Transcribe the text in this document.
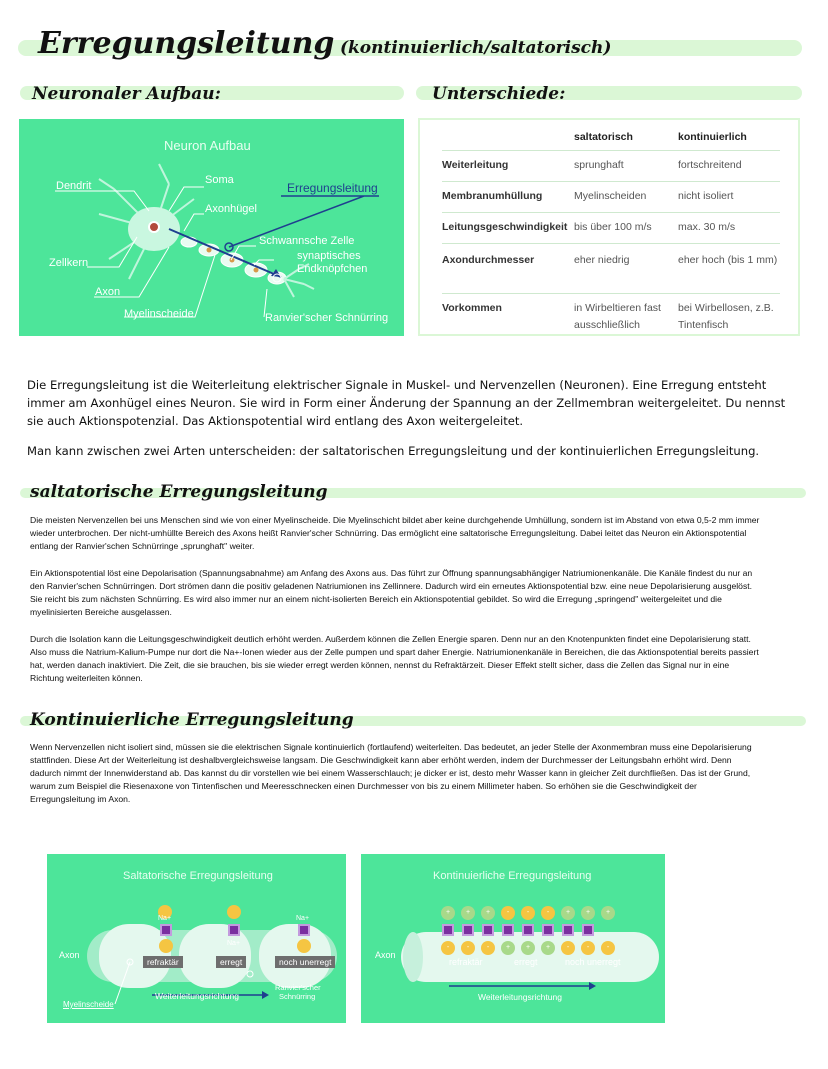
Erregungsleitung (kontinuierlich/saltatorisch)
Neuronaler Aufbau:	Unterschiede:
Neuron Aufbau
Dendrit	Soma
Erregungsleitung
Axonhügel
Zellkern
Schwannsche Zelle
synaptisches
Endknöpfchen
Axon
Myelinscheide	Ranvier'scher Schnürring
	saltatorisch	kontinuierlich
Weiterleitung	sprunghaft	fortschreitend
Membranumhüllung	Myelinscheiden	nicht isoliert
Leitungsgeschwindigkeit	bis über 100 m/s	max. 30 m/s
Axondurchmesser	eher niedrig	eher hoch (bis 1 mm)
Vorkommen	in Wirbeltieren fast ausschließlich	bei Wirbellosen, z.B. Tintenfisch
Die Erregungsleitung ist die Weiterleitung elektrischer Signale in Muskel- und Nervenzellen (Neuronen). Eine Erregung entsteht immer am Axonhügel eines Neuron. Sie wird in Form einer Änderung der Spannung an der Zellmembran weitergeleitet. Du nennst sie auch Aktionspotenzial. Das Aktionspotential wird entlang des Axon weitergeleitet.
Man kann zwischen zwei Arten unterscheiden: der saltatorischen Erregungsleitung und der kontinuierlichen Erregungsleitung.
saltatorische Erregungsleitung
Die meisten Nervenzellen bei uns Menschen sind wie von einer Myelinscheide. Die Myelinschicht bildet aber keine durchgehende Umhüllung, sondern ist im Abstand von etwa 0,5-2 mm immer wieder unterbrochen. Der nicht-umhüllte Bereich des Axons heißt Ranvier'scher Schnürring. Das ermöglicht eine saltatorische Erregungsleitung. Dabei leitet das Neuron ein Aktionspotential entlang der Ranvier'schen Schnürringe „sprunghaft" weiter.
Ein Aktionspotential löst eine Depolarisation (Spannungsabnahme) am Anfang des Axons aus. Das führt zur Öffnung spannungsabhängiger Natriumionenkanäle. Die Kanäle findest du nur an den Ranvier'schen Schnürringen. Dort strömen dann die positiv geladenen Natriumionen ins Zellinnere. Dadurch wird ein erneutes Aktionspotential bzw. eine neue Depolarisierung ausgelöst. Sie reicht bis zum nächsten Schnürring. Es wird also immer nur an einem nicht-isolierten Bereich ein Aktionspotential gebildet. So wird die Erregung „springend" weitergeleitet und die myelinisierten Bereiche ausgelassen.
Durch die Isolation kann die Leitungsgeschwindigkeit deutlich erhöht werden. Außerdem können die Zellen Energie sparen. Denn nur an den Knotenpunkten findet eine Depolarisierung statt. Also muss die Natrium-Kalium-Pumpe nur dort die Na+-Ionen wieder aus der Zelle pumpen und spart daher Energie. Natriumionenkanäle in Bereichen, die das Aktionspotential bereits passiert hat, werden danach inaktiviert. Die Zeit, die sie brauchen, bis sie wieder erregt werden können, nennst du Refraktärzeit. Dieser Effekt stellt sicher, dass die Zellen das Signal nur in eine Richtung weiterleiten können.
Kontinuierliche Erregungsleitung
Wenn Nervenzellen nicht isoliert sind, müssen sie die elektrischen Signale kontinuierlich (fortlaufend) weiterleiten. Das bedeutet, an jeder Stelle der Axonmembran muss eine Depolarisierung stattfinden. Diese Art der Weiterleitung ist deshalbvergleichsweise langsam. Die Geschwindigkeit kann aber erhöht werden, indem der Durchmesser der Leitungsbahn erhöht wird. Denn dadurch nimmt der Innenwiderstand ab. Das kannst du dir vorstellen wie bei einem Wasserschlauch; je dicker er ist, desto mehr Wasser kann in gleicher Zeit durchfließen. Das ist der Grund, warum zum Beispiel die Riesenaxone von Tintenfischen und Meeresschnecken einen Durchmesser von bis zu einem Millimeter haben. So erhöhen sie die Geschwindigkeit der Erregungsleitung im Axon.
Saltatorische Erregungsleitung
Axon
Na+
Na+
Na+
refraktär	erregt	noch unerregt
Myelinscheide
Weiterleitungsrichtung
Ranvier'scher
Schnürring
Kontinuierliche Erregungsleitung
Axon
+	+	+	-	-	-	+	+	+
-	-	-	+	+	+	-	-	-
refraktär	erregt	noch unerregt
Weiterleitungsrichtung
